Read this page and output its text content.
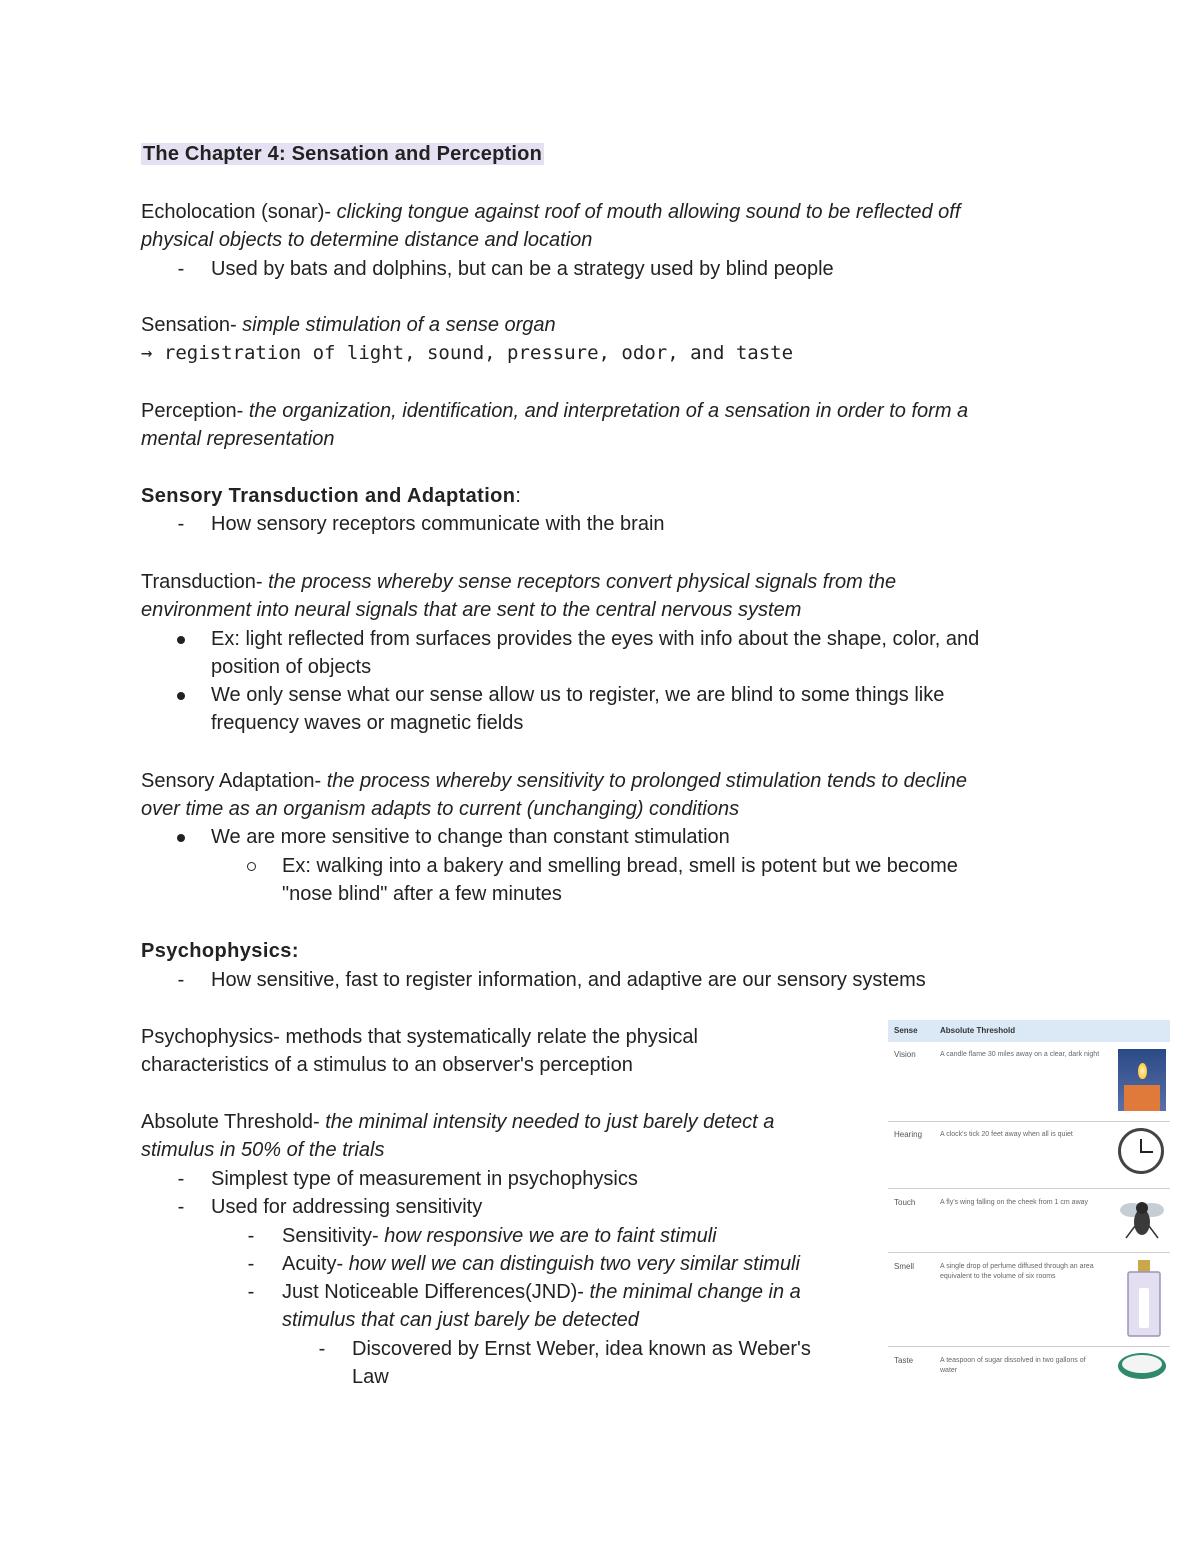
The Chapter 4: Sensation and Perception
Echolocation (sonar)- clicking tongue against roof of mouth allowing sound to be reflected off
physical objects to determine distance and location
-
Used by bats and dolphins, but can be a strategy used by blind people
Sensation- simple stimulation of a sense organ
→ registration of light, sound, pressure, odor, and taste
Perception- the organization, identification, and interpretation of a sensation in order to form a
mental representation
Sensory Transduction and Adaptation:
-
How sensory receptors communicate with the brain
Transduction- the process whereby sense receptors convert physical signals from the
environment into neural signals that are sent to the central nervous system
Ex: light reflected from surfaces provides the eyes with info about the shape, color, and
position of objects
We only sense what our sense allow us to register, we are blind to some things like
frequency waves or magnetic fields
Sensory Adaptation- the process whereby sensitivity to prolonged stimulation tends to decline
over time as an organism adapts to current (unchanging) conditions
We are more sensitive to change than constant stimulation
Ex: walking into a bakery and smelling bread, smell is potent but we become
"nose blind" after a few minutes
Psychophysics:
-
How sensitive, fast to register information, and adaptive are our sensory systems
Psychophysics- methods that systematically relate the physical
characteristics of a stimulus to an observer's perception
Absolute Threshold- the minimal intensity needed to just barely detect a
stimulus in 50% of the trials
-
Simplest type of measurement in psychophysics
-
Used for addressing sensitivity
-
Sensitivity- how responsive we are to faint stimuli
-
Acuity- how well we can distinguish two very similar stimuli
-
Just Noticeable Differences(JND)- the minimal change in a
stimulus that can just barely be detected
-
Discovered by Ernst Weber, idea known as Weber's
Law
Sense	Absolute Threshold
Vision	A candle flame 30 miles away on a clear, dark night
Hearing	A clock's tick 20 feet away when all is quiet
Touch	A fly's wing falling on the cheek from 1 cm away
Smell	A single drop of perfume diffused through an area equivalent to the volume of six rooms
Taste	A teaspoon of sugar dissolved in two gallons of water
